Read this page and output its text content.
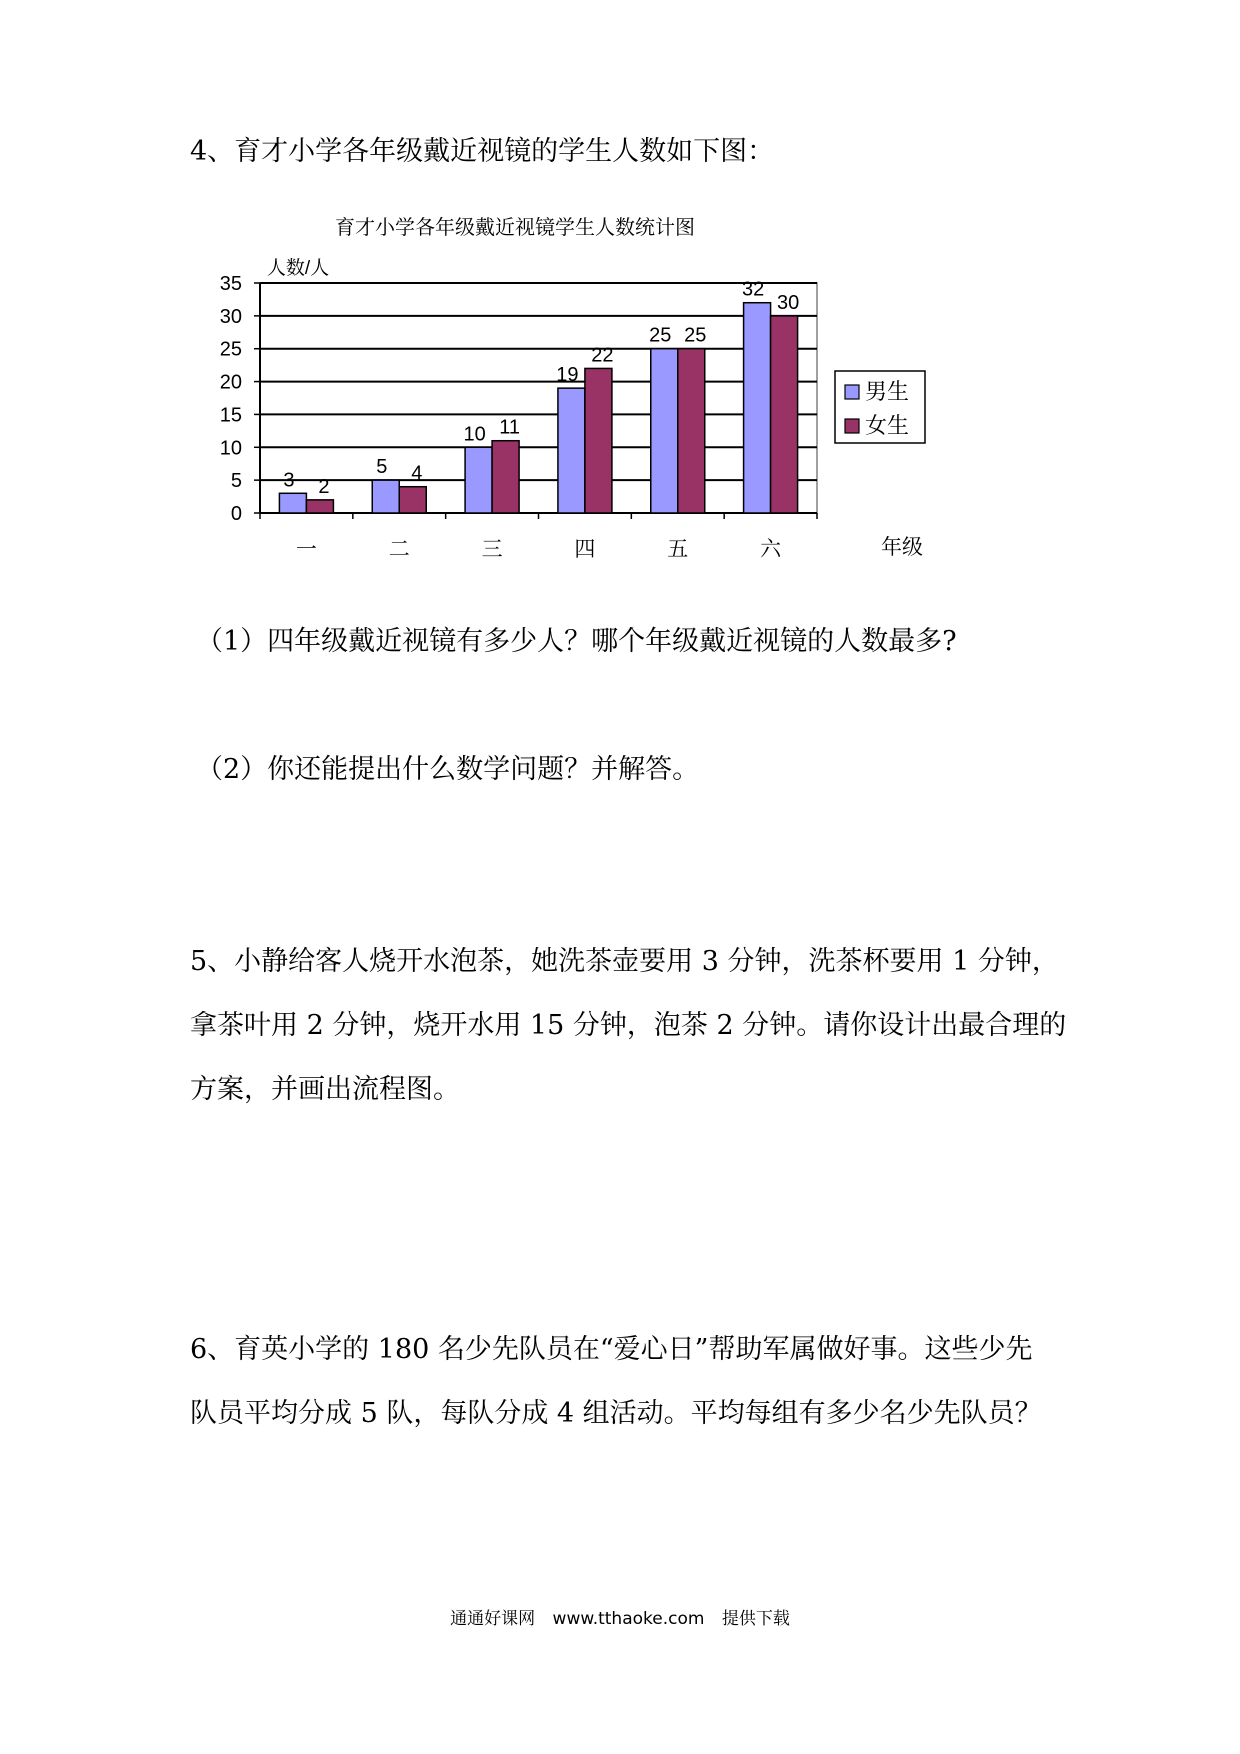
4、育才小学各年级戴近视镜的学生人数如下图：

育才小学各年级戴近视镜学生人数统计图
人数/人
年级
0
5
10
15
20
25
30
35
3 2
5 4
10 11
19
22
25 25
32
30
一	二	三	四	五	六
男生
女生

（1）四年级戴近视镜有多少人？哪个年级戴近视镜的人数最多?

（2）你还能提出什么数学问题？并解答。

5、小静给客人烧开水泡茶，她洗茶壶要用 3 分钟，洗茶杯要用 1 分钟，

拿茶叶用 2 分钟，烧开水用 15 分钟，泡茶 2 分钟。请你设计出最合理的

方案，并画出流程图。

6、育英小学的 180 名少先队员在“爱心日”帮助军属做好事。这些少先

队员平均分成 5 队，每队分成 4 组活动。平均每组有多少名少先队员？

通通好课网 www.tthaoke.com 提供下载
